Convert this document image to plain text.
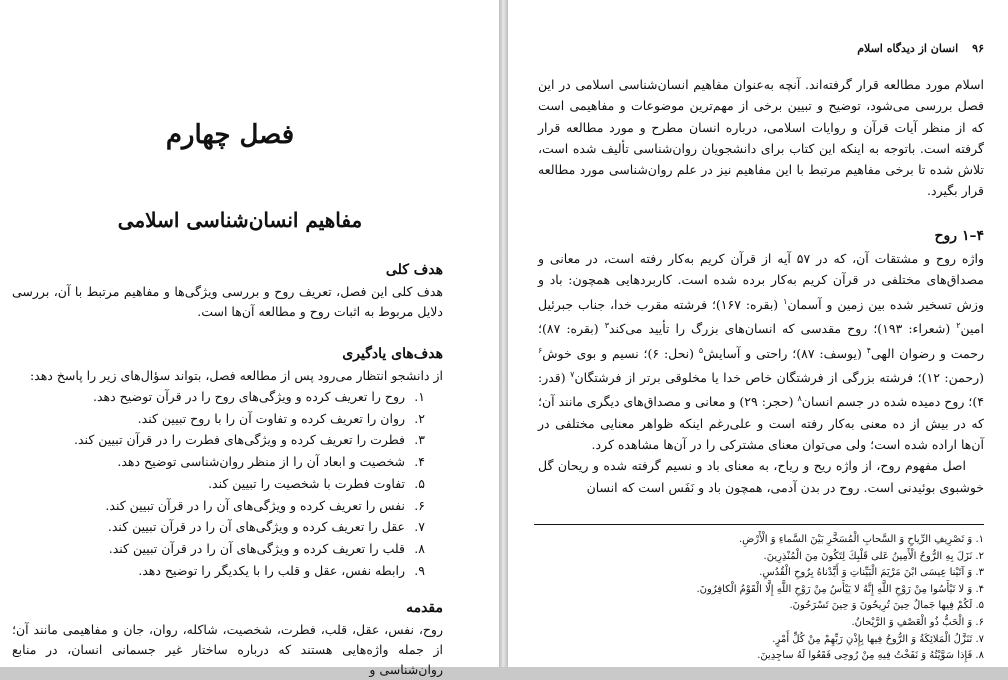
فصل چهارم
مفاهیم انسان‌شناسی اسلامی
هدف کلی

هدف کلی این فصل، تعریف روح و بررسی ویژگی‌ها و مفاهیم مرتبط با آن، بررسی دلایل مربوط به اثبات روح و مطالعه آن‌ها است.

هدف‌های یادگیری

از دانشجو انتظار می‌رود پس از مطالعه فصل، بتواند سؤال‌های زیر را پاسخ دهد:

۱. روح را تعریف کرده و ویژگی‌های روح را در قرآن توضیح دهد.
۲. روان را تعریف کرده و تفاوت آن را با روح تبیین کند.
۳. فطرت را تعریف کرده و ویژگی‌های فطرت را در قرآن تبیین کند.
۴. شخصیت و ابعاد آن را از منظر روان‌شناسی توضیح دهد.
۵. تفاوت فطرت با شخصیت را تبیین کند.
۶. نفس را تعریف کرده و ویژگی‌های آن را در قرآن تبیین کند.
۷. عقل را تعریف کرده و ویژگی‌های آن را در قرآن تبیین کند.
۸. قلب را تعریف کرده و ویژگی‌های آن را در قرآن تبیین کند.
۹. رابطه نفس، عقل و قلب را با یکدیگر را توضیح دهد.
مقدمه

روح، نفس، عقل، قلب، فطرت، شخصیت، شاکله، روان، جان و مفاهیمی مانند آن؛ از جمله واژه‌هایی هستند که درباره ساختار غیر جسمانی انسان، در منابع روان‌شناسی و

۹۶انسان از دیدگاه اسلام

اسلام مورد مطالعه قرار گرفته‌اند. آنچه به‌عنوان مفاهیم انسان‌شناسی اسلامی در این فصل بررسی می‌شود، توضیح و تبیین برخی از مهم‌ترین موضوعات و مفاهیمی است که از منظر آیات قرآن و روایات اسلامی، درباره انسان مطرح و مورد مطالعه قرار گرفته است. باتوجه به اینکه این کتاب برای دانشجویان روان‌شناسی تألیف شده است، تلاش شده تا برخی مفاهیم مرتبط با این مفاهیم نیز در علم روان‌شناسی مورد مطالعه قرار بگیرد.

۴–۱ روح

واژه روح و مشتقات آن، که در ۵۷ آیه از قرآن کریم به‌کار رفته است، در معانی و مصداق‌های مختلفی در قرآن کریم به‌کار برده شده است. کاربردهایی همچون: باد و وزش تسخیر شده بین زمین و آسمان$^۱$ (بقره: ۱۶۷)؛ فرشته مقرب خدا، جناب جبرئیل امین$^۲$ (شعراء: ۱۹۳)؛ روح مقدسی که انسان‌های بزرگ را تأیید می‌کند$^۳$ (بقره: ۸۷)؛ رحمت و رضوان الهی$^۴$ (یوسف: ۸۷)؛ راحتی و آسایش$^۵$ (نحل: ۶)؛ نسیم و بوی خوش$^۶$ (رحمن: ۱۲)؛ فرشته بزرگی از فرشتگان خاص خدا یا مخلوقی برتر از فرشتگان$^۷$ (قدر: ۴)؛ روح دمیده شده در جسم انسان$^۸$ (حجر: ۲۹) و معانی و مصداق‌های دیگری مانند آن؛ که در بیش از ده معنی به‌کار رفته است و علی‌رغم اینکه ظواهر معنایی مختلفی در آن‌ها اراده شده است؛ ولی می‌توان معنای مشترکی را در آن‌ها مشاهده کرد.

اصل مفهوم روح، از واژه ریح و ریاح، به معنای باد و نسیم گرفته شده و ریحان گل خوشبوی بوئیدنی است. روح در بدن آدمی، همچون باد و نَفَس است که انسان

۱. وَ تَصْرِیفِ الرِّیاحِ وَ السَّحابِ الْمُسَخَّرِ بَیْنَ السَّماءِ وَ الْأَرْضِ.

۲. نَزَلَ بِهِ الرُّوحُ الْأَمِینُ عَلى قَلْبِكَ لِتَكُونَ مِنَ الْمُنْذِرِینَ.

۳. وَ آتَیْنا عِیسَى ابْنَ مَرْیَمَ الْبَیِّناتِ وَ أَیَّدْناهُ بِرُوحِ الْقُدُسِ.

۴. وَ لا تَیْأَسُوا مِنْ رَوْحِ اللَّهِ إِنَّهُ لا یَیْأَسُ مِنْ رَوْحِ اللَّهِ إِلَّا الْقَوْمُ الْكافِرُونَ.

۵. لَكُمْ فِیها جَمالٌ حِینَ تُرِیحُونَ وَ حِینَ تَسْرَحُونَ.

۶. وَ الْحَبُّ ذُو الْعَصْفِ وَ الرَّیْحانُ.

۷. تَنَزَّلُ الْمَلائِكَةُ وَ الرُّوحُ فِیها بِإِذْنِ رَبِّهِمْ مِنْ كُلِّ أَمْرٍ.

۸. فَإِذا سَوَّیْتُهُ وَ نَفَخْتُ فِیهِ مِنْ رُوحِی فَقَعُوا لَهُ ساجِدِینَ.
